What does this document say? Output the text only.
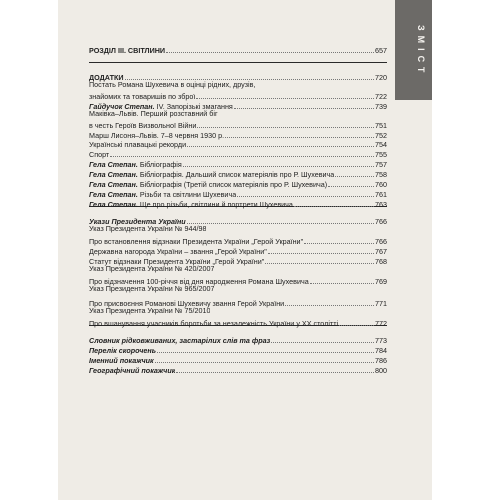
ЗМІСТ
РОЗДІЛ III. СВІТЛИНИ	657
ДОДАТКИ	720
Постать Романа Шухевича в оцінці рідних, друзів,
знайомих та товаришів по зброї	722
Гайдучок Степан. IV. Запорізькі змагання	739
Маківка–Львів. Перший розставний біг
в честь Героїв Визвольної Війни	751
Марш Лисоня–Львів. 7–8 червня 1930 р.	752
Українські плавацькі рекорди	754
Спорт	755
Гела Степан. Бібліографія	757
Гела Степан. Бібліографія. Дальший список матеріялів про Р. Шухевича	758
Гела Степан. Бібліографія (Третій список матеріялів про Р. Шухевича)	760
Гела Степан. Різьби та світлини Шухевича	761
Гела Степан. Ще про різьби, світлини й портрети Шухевича	763
Укази Президента України	766
Указ Президента України № 944/98
Про встановлення відзнаки Президента України „Герой України"	766
Державна нагорода України – звання „Герой України"	767
Статут відзнаки Президента України „Герой України"	768
Указ Президента України № 420/2007
Про відзначення 100-річчя від дня народження Романа Шухевича	769
Указ Президента України № 965/2007
Про присвоєння Романові Шухевичу звання Герой України	771
Указ Президента України № 75/2010
Про вшанування учасників боротьби за незалежність України у XX столітті	772
Словник рідковживаних, застарілих слів та фраз	773
Перелік скорочень	784
Іменний покажчик	786
Географічний покажчик	800
